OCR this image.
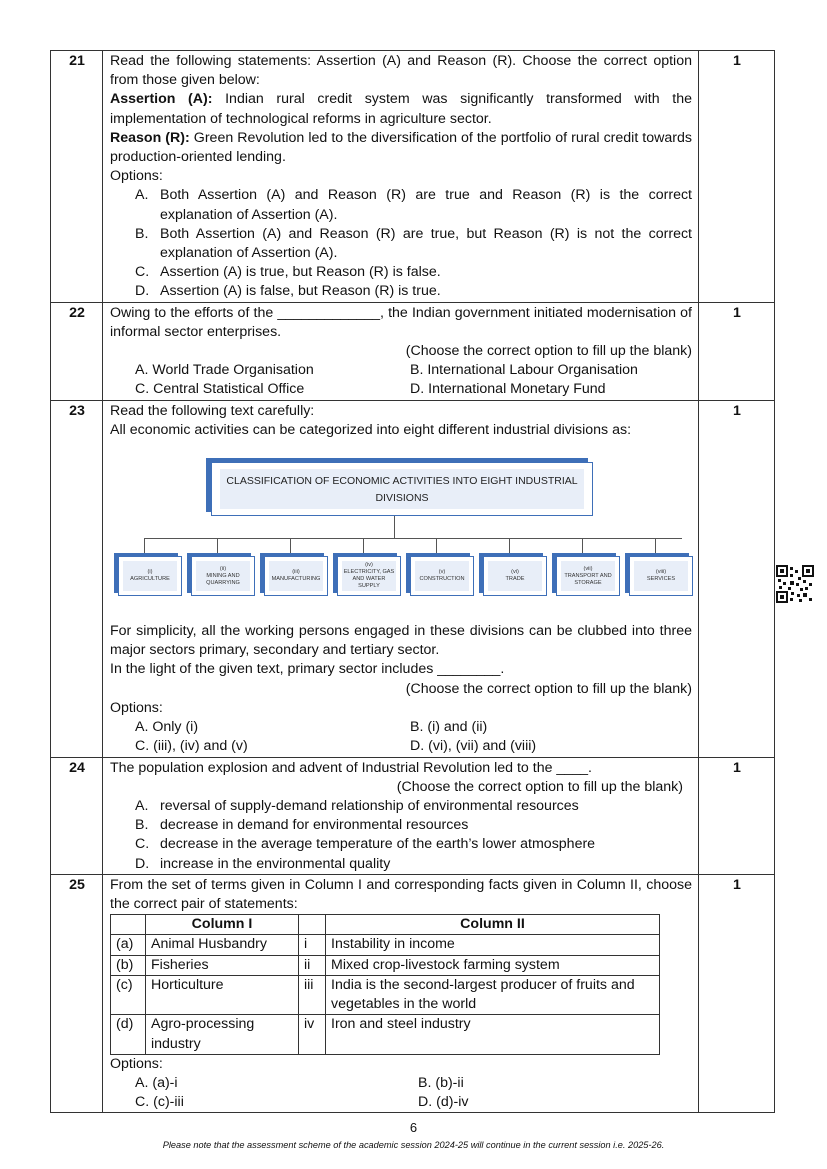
21	Read the following statements: Assertion (A) and Reason (R). Choose the correct option from those given below:
Assertion (A): Indian rural credit system was significantly transformed with the implementation of technological reforms in agriculture sector.
Reason (R): Green Revolution led to the diversification of the portfolio of rural credit towards production-oriented lending.
Options:
A. Both Assertion (A) and Reason (R) are true and Reason (R) is the correct explanation of Assertion (A).
B. Both Assertion (A) and Reason (R) are true, but Reason (R) is not the correct explanation of Assertion (A).
C. Assertion (A) is true, but Reason (R) is false.
D. Assertion (A) is false, but Reason (R) is true.
	1
22	Owing to the efforts of the _____________, the Indian government initiated modernisation of informal sector enterprises.
(Choose the correct option to fill up the blank)
A. World Trade Organisation	B. International Labour Organisation
C. Central Statistical Office	D. International Monetary Fund
	1
23	Read the following text carefully:
All economic activities can be categorized into eight different industrial divisions as:
CLASSIFICATION OF ECONOMIC ACTIVITIES INTO EIGHT INDUSTRIAL
DIVISIONS
(i)
AGRICULTURE
(ii)
MINING AND QUARRYING
(iii)
MANUFACTURING
(iv)
ELECTRICITY, GAS AND WATER SUPPLY
(v)
CONSTRUCTION
(vi)
TRADE
(vii)
TRANSPORT AND STORAGE
(viii)
SERVICES
For simplicity, all the working persons engaged in these divisions can be clubbed into three major sectors primary, secondary and tertiary sector.
In the light of the given text, primary sector includes ________.
(Choose the correct option to fill up the blank)
Options:
A. Only (i)	B. (i) and (ii)
C. (iii), (iv) and (v)	D. (vi), (vii) and (viii)
	1
24	The population explosion and advent of Industrial Revolution led to the ____.
(Choose the correct option to fill up the blank)
A. reversal of supply-demand relationship of environmental resources
B. decrease in demand for environmental resources
C. decrease in the average temperature of the earth’s lower atmosphere
D. increase in the environmental quality
	1
25	From the set of terms given in Column I and corresponding facts given in Column II, choose the correct pair of statements:
	Column I		Column II
(a)	Animal Husbandry	i	Instability in income
(b)	Fisheries	ii	Mixed crop-livestock farming system
(c)	Horticulture	iii	India is the second-largest producer of fruits and vegetables in the world
(d)	Agro-processing industry	iv	Iron and steel industry
Options:
A. (a)-i	B. (b)-ii
C. (c)-iii	D. (d)-iv
	1
6
Please note that the assessment scheme of the academic session 2024-25 will continue in the current session i.e. 2025-26.
